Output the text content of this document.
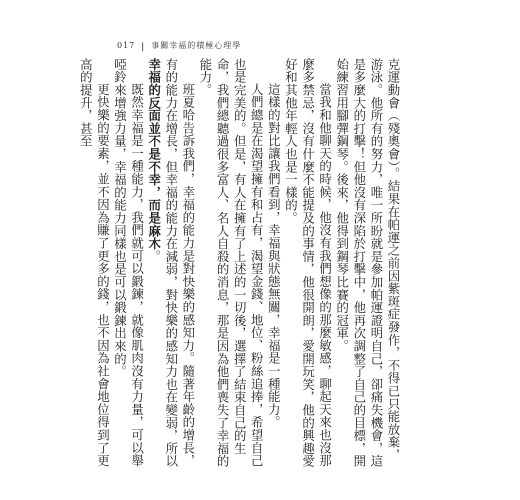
017 | 事關幸福的積極心理學

克運動會（殘奧會）。結果在帕運之前因紫斑症發作，不得已只能放棄，游泳。他所有的努力，唯一所盼就是參加帕運證明自己，卻痛失機會，這是多麼大的打擊！但他沒有深陷於打擊中，他再次調整了自己的目標，開始練習用腳彈鋼琴。後來，他得到鋼琴比賽的冠軍。

當我和他聊天的時候，他沒有我們想像的那麼敏感，聊起天來也沒那麼多禁忌，沒有什麼不能提及的事情，他很開朗，愛開玩笑，他的興趣愛好和其他年輕人也是一樣的。

這樣的對比讓我們看到，幸福與狀態無關，幸福是一種能力。

人們總是在渴望擁有和占有，渴望金錢、地位、粉絲追捧，希望自己也是完美的。但是，有人在擁有了上述的一切後，選擇了結束自己的生命，我們總聽過很多富人、名人自殺的消息，那是因為他們喪失了幸福的能力。

班夏哈告訴我們，幸福的能力是對快樂的感知力。隨著年齡的增長，有的能力在增長，但幸福的能力在減弱，對快樂的感知力也在變弱，所以幸福的反面並不是不幸，而是麻木。

既然幸福是一種能力，我們就可以鍛鍊，就像肌肉沒有力量，可以舉啞鈴來增強力量，幸福的能力同樣也是可以鍛鍊出來的。

更快樂的要素，並不因為賺了更多的錢，也不因為社會地位得到了更高的提升，甚至
